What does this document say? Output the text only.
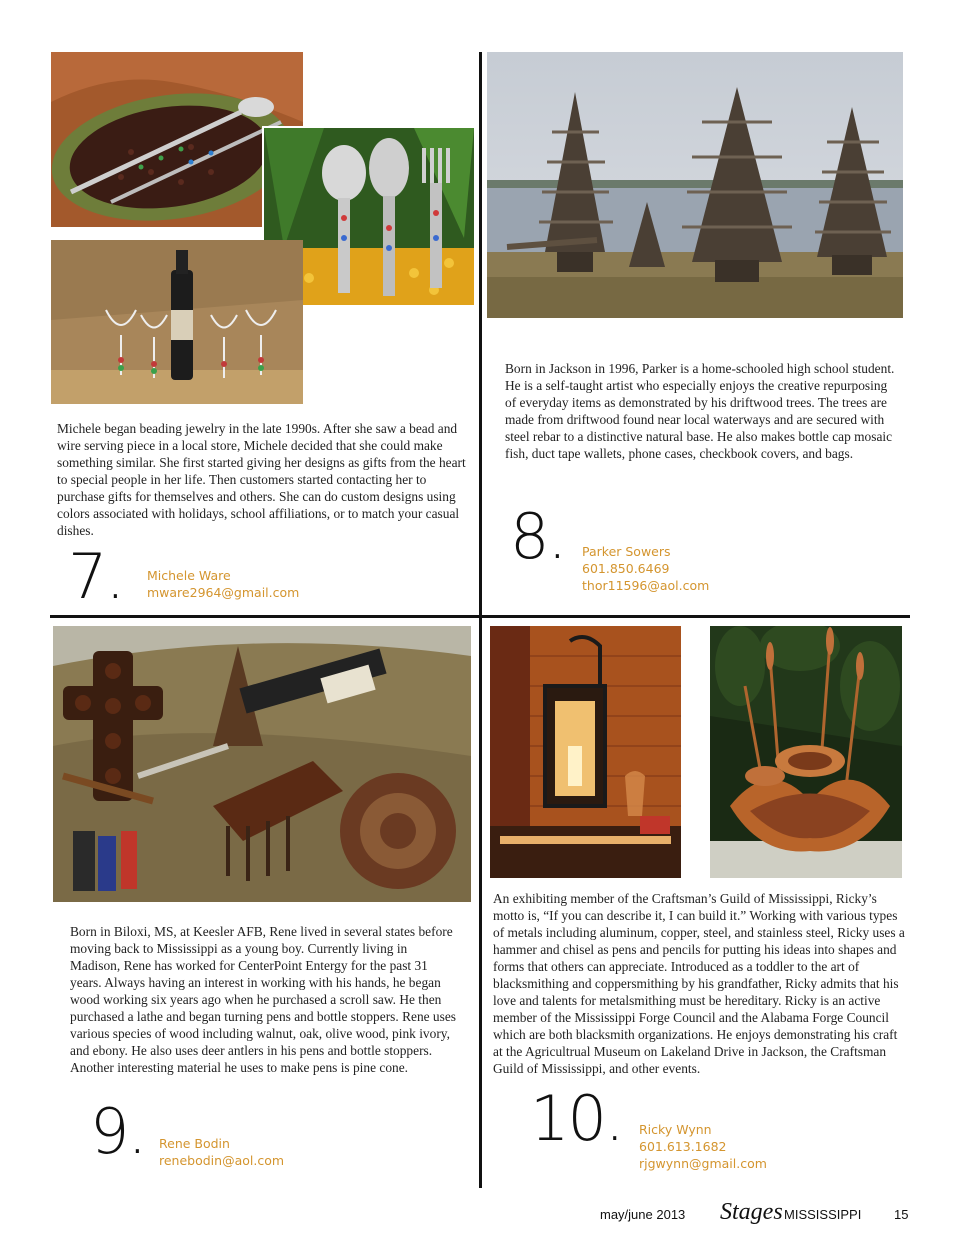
Michele began beading jewelry in the late 1990s. After she saw a bead and wire serving piece in a local store, Michele decided that she could make something similar. She first started giving her designs as gifts from the heart to special people in her life. Then customers started contacting her to purchase gifts for themselves and others. She can do custom designs using colors associated with holidays, school affiliations, or to match your casual dishes.

7. Michele Ware
mware2964@gmail.com

Born in Jackson in 1996, Parker is a home-schooled high school student. He is a self-taught artist who especially enjoys the creative repurposing of everyday items as demonstrated by his driftwood trees. The trees are made from driftwood found near local waterways and are secured with steel rebar to a distinctive natural base. He also makes bottle cap mosaic fish, duct tape wallets, phone cases, checkbook covers, and bags.

8. Parker Sowers
601.850.6469
thor11596@aol.com

Born in Biloxi, MS, at Keesler AFB, Rene lived in several states before moving back to Mississippi as a young boy. Currently living in Madison, Rene has worked for CenterPoint Entergy for the past 31 years. Always having an interest in working with his hands, he began wood working six years ago when he purchased a scroll saw. He then purchased a lathe and began turning pens and bottle stoppers. Rene uses various species of wood including walnut, oak, olive wood, pink ivory, and ebony. He also uses deer antlers in his pens and bottle stoppers. Another interesting material he uses to make pens is pine cone.

9. Rene Bodin
renebodin@aol.com

An exhibiting member of the Craftsman’s Guild of Mississippi, Ricky’s motto is, “If you can describe it, I can build it.” Working with various types of metals including aluminum, copper, steel, and stainless steel, Ricky uses a hammer and chisel as pens and pencils for putting his ideas into shapes and forms that others can appreciate. Introduced as a toddler to the art of blacksmithing and coppersmithing by his grandfather, Ricky admits that his love and talents for metalsmithing must be hereditary. Ricky is an active member of the Mississippi Forge Council and the Alabama Forge Council which are both blacksmith organizations. He enjoys demonstrating his craft at the Agricultrual Museum on Lakeland Drive in Jackson, the Craftsman Guild of Mississippi, and other events.

10. Ricky Wynn
601.613.1682
rjgwynn@gmail.com
may/june 2013 Stages MISSISSIPPI	15
